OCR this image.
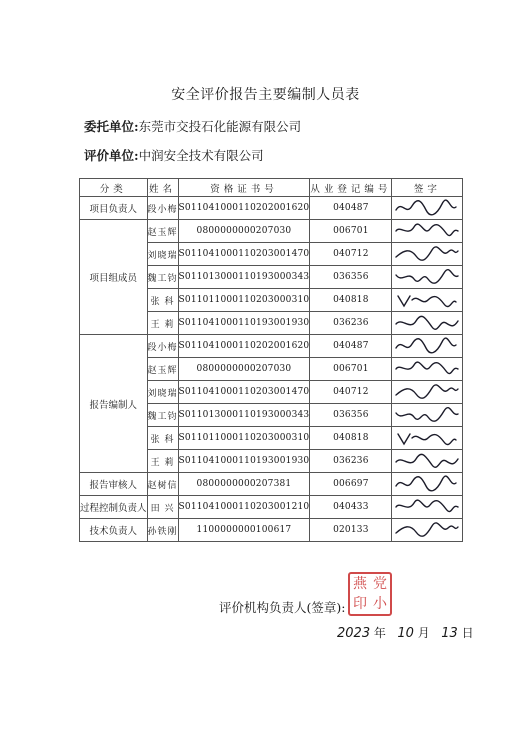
安全评价报告主要编制人员表
委托单位:东莞市交投石化能源有限公司
评价单位:中润安全技术有限公司
分类	姓名	资格证书号	从业登记编号	签字
项目负责人	段小梅	S011041000110202001620	040487	

项目组成员	赵玉辉	0800000000207030	006701	

	刘晓瑞	S011041000110203001470	040712	

	魏工钧	S011013000110193000343	036356	

	张 科	S011011000110203000310	040818	

	王 莉	S011041000110193001930	036236	

报告编制人	段小梅	S011041000110202001620	040487	

	赵玉辉	0800000000207030	006701	

	刘晓瑞	S011041000110203001470	040712	

	魏工钧	S011013000110193000343	036356	

	张 科	S011011000110203000310	040818	

	王 莉	S011041000110193001930	036236	

报告审核人	赵树信	0800000000207381	006697	

过程控制负责人	田 兴	S011041000110203001210	040433	

技术负责人	孙铁刚	1100000000100617	020133	
评价机构负责人(签章):
燕 党
印 小
2023 年 10 月 13 日
